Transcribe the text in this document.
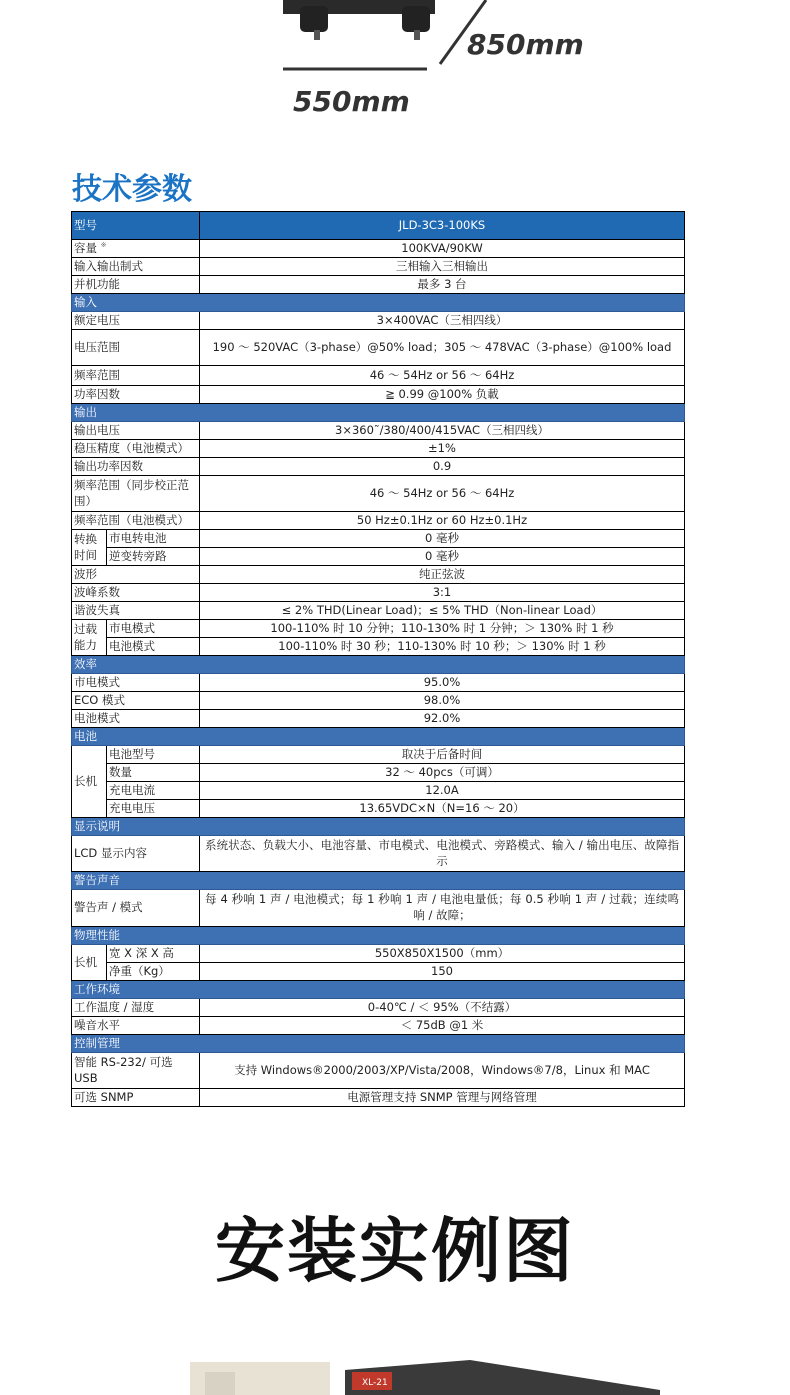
850mm
550mm
技术参数
型号		JLD-3C3-100KS
容量 ※		100KVA/90KW
输入输出制式		三相输入三相输出
并机功能		最多 3 台
输入		
额定电压		3×400VAC（三相四线）
电压范围		190 ～ 520VAC（3-phase）@50% load；305 ～ 478VAC（3-phase）@100% load
频率范围		46 ～ 54Hz or 56 ～ 64Hz
功率因数		≧ 0.99 @100% 负載
输出		
输出电压		3×360˜/380/400/415VAC（三相四线）
稳压精度（电池模式）		±1%
输出功率因数		0.9
频率范围（同步校正范围）		46 ～ 54Hz or 56 ～ 64Hz
频率范围（电池模式）		50 Hz±0.1Hz or 60 Hz±0.1Hz
转换时间	市电转电池	0 毫秒
	逆变转旁路	0 毫秒
波形		纯正弦波
波峰系数		3:1
谐波失真		≤ 2% THD(Linear Load)；≤ 5% THD（Non-linear Load）
过载能力	市电模式	100-110% 时 10 分钟；110-130% 时 1 分钟；＞ 130% 时 1 秒
	电池模式	100-110% 时 30 秒；110-130% 时 10 秒；＞ 130% 时 1 秒
效率		
市电模式		95.0%
ECO 模式		98.0%
电池模式		92.0%
电池		
长机	电池型号	取决于后备时间
	数量	32 ～ 40pcs（可调）
	充电电流	12.0A
	充电电压	13.65VDC×N（N=16 ～ 20）
显示说明		
LCD 显示内容		系统状态、负载大小、电池容量、市电模式、电池模式、旁路模式、输入 / 输出电压、故障指示
警告声音		
警告声 / 模式		每 4 秒响 1 声 / 电池模式；每 1 秒响 1 声 / 电池电量低；每 0.5 秒响 1 声 / 过载；连续鸣响 / 故障；
物理性能		
长机	宽 X 深 X 高	550X850X1500（mm）
	净重（Kg）	150
工作环境		
工作温度 / 湿度		0-40℃ / ＜ 95%（不结露）
噪音水平		＜ 75dB @1 米
控制管理		
智能 RS-232/ 可选 USB		支持 Windows®2000/2003/XP/Vista/2008，Windows®7/8，Linux 和 MAC
可选 SNMP		电源管理支持 SNMP 管理与网络管理
安装实例图
XL-21
